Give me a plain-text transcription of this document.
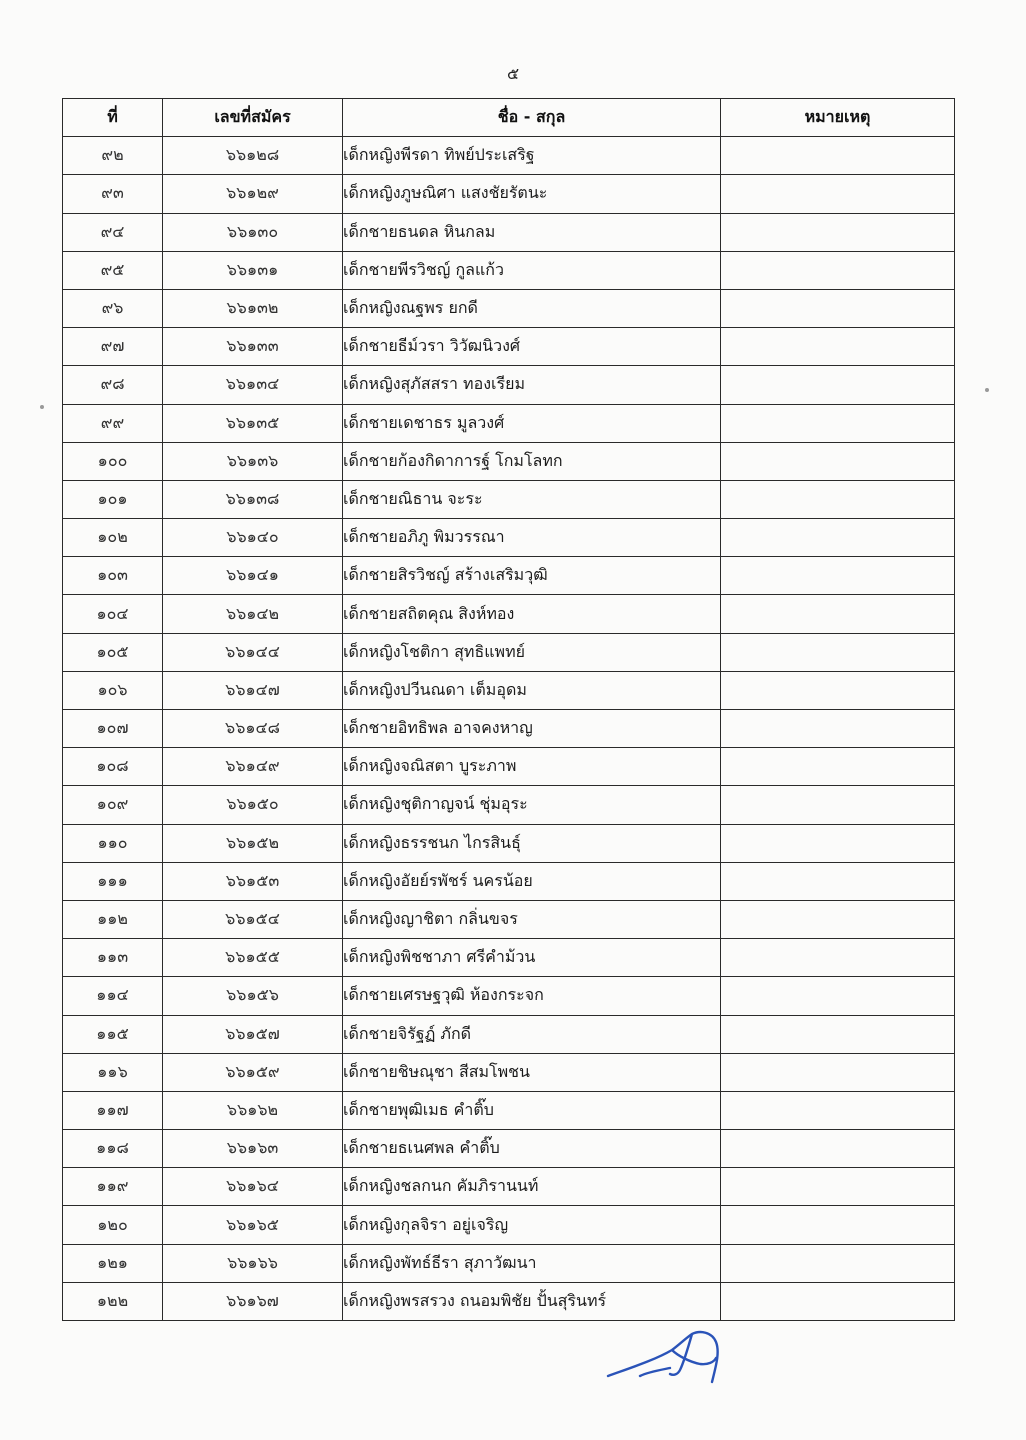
๕
ที่	เลขที่สมัคร	ชื่อ - สกุล	หมายเหตุ
๙๒	๖๖๑๒๘	เด็กหญิงพีรดา ทิพย์ประเสริฐ	
๙๓	๖๖๑๒๙	เด็กหญิงภูษณิศา แสงชัยรัตนะ	
๙๔	๖๖๑๓๐	เด็กชายธนดล หินกลม	
๙๕	๖๖๑๓๑	เด็กชายพีรวิชญ์ กูลแก้ว	
๙๖	๖๖๑๓๒	เด็กหญิงณฐพร ยกดี	
๙๗	๖๖๑๓๓	เด็กชายธีม์วรา วิวัฒนิวงศ์	
๙๘	๖๖๑๓๔	เด็กหญิงสุภัสสรา ทองเรียม	
๙๙	๖๖๑๓๕	เด็กชายเดชาธร มูลวงศ์	
๑๐๐	๖๖๑๓๖	เด็กชายก้องกิดาการฐ์ โกมโลทก	
๑๐๑	๖๖๑๓๘	เด็กชายณิธาน จะระ	
๑๐๒	๖๖๑๔๐	เด็กชายอภิภู พิมวรรณา	
๑๐๓	๖๖๑๔๑	เด็กชายสิรวิชญ์ สร้างเสริมวุฒิ	
๑๐๔	๖๖๑๔๒	เด็กชายสถิตคุณ สิงห์ทอง	
๑๐๕	๖๖๑๔๔	เด็กหญิงโชติกา สุทธิแพทย์	
๑๐๖	๖๖๑๔๗	เด็กหญิงปวีนณดา เต็มอุดม	
๑๐๗	๖๖๑๔๘	เด็กชายอิทธิพล อาจคงหาญ	
๑๐๘	๖๖๑๔๙	เด็กหญิงจณิสตา บูระภาพ	
๑๐๙	๖๖๑๕๐	เด็กหญิงชุติกาญจน์ ชุ่มอุระ	
๑๑๐	๖๖๑๕๒	เด็กหญิงธรรชนก ไกรสินธุ์	
๑๑๑	๖๖๑๕๓	เด็กหญิงอัยย์รพัชร์ นครน้อย	
๑๑๒	๖๖๑๕๔	เด็กหญิงญาชิตา กลิ่นขจร	
๑๑๓	๖๖๑๕๕	เด็กหญิงพิชชาภา ศรีคำม้วน	
๑๑๔	๖๖๑๕๖	เด็กชายเศรษฐวุฒิ ห้องกระจก	
๑๑๕	๖๖๑๕๗	เด็กชายจิรัฐฏ์ ภักดี	
๑๑๖	๖๖๑๕๙	เด็กชายชิษณุชา สีสมโพชน	
๑๑๗	๖๖๑๖๒	เด็กชายพุฒิเมธ คำติ๊บ	
๑๑๘	๖๖๑๖๓	เด็กชายธเนศพล คำติ๊บ	
๑๑๙	๖๖๑๖๔	เด็กหญิงชลกนก คัมภิรานนท์	
๑๒๐	๖๖๑๖๕	เด็กหญิงกุลจิรา อยู่เจริญ	
๑๒๑	๖๖๑๖๖	เด็กหญิงพัทธ์ธีรา สุภาวัฒนา	
๑๒๒	๖๖๑๖๗	เด็กหญิงพรสรวง ถนอมพิชัย ปั้นสุรินทร์	
